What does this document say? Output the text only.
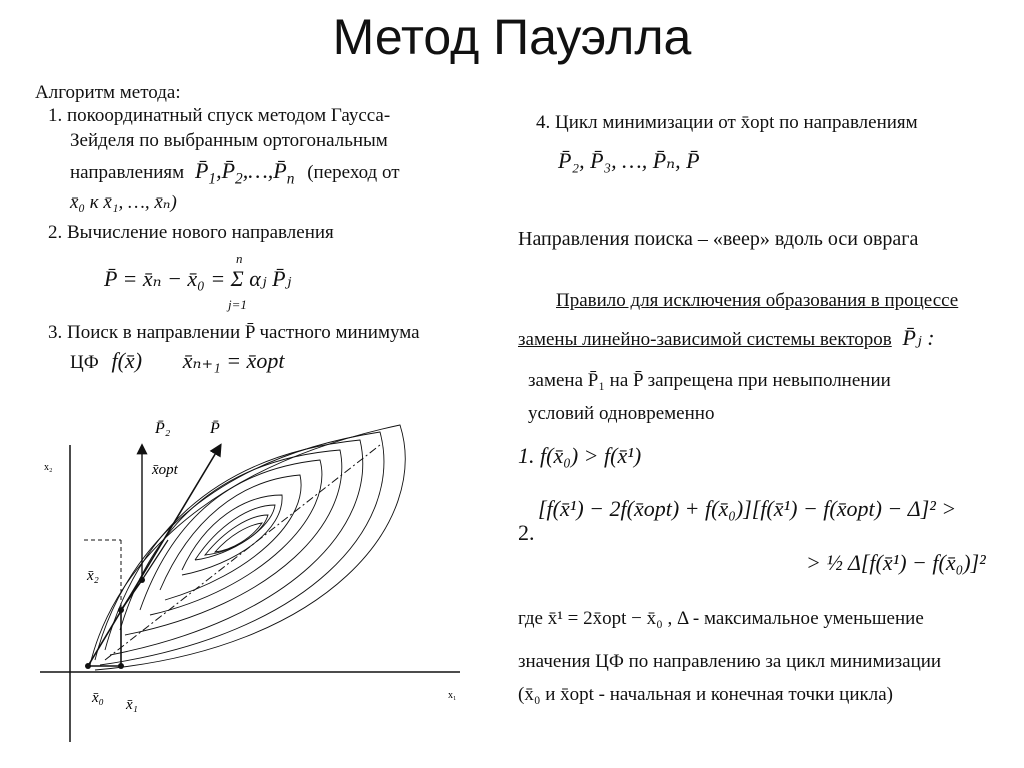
Метод Пауэлла
Алгоритм метода:
1. покоординатный спуск методом Гаусса-
Зейделя по выбранным ортогональным
направлениям $P̄_1,P̄_2,\dots,P̄_n$ (переход от
x̄₀ к x̄₁, …, x̄ₙ)
2. Вычисление нового направления
P̄ = x̄ₙ − x̄₀ = Σ αⱼ P̄ⱼ
n
j=1
3. Поиск в направлении P̄ частного минимума
ЦФ f(x̄) x̄ₙ₊₁ = x̄opt
4. Цикл минимизации от x̄opt по направлениям
P̄₂, P̄₃, …, P̄ₙ, P̄
Направления поиска – «веер» вдоль оси оврага
Правило для исключения образования в процессе
замены линейно-зависимой системы векторов P̄ⱼ :
замена P̄₁ на P̄ запрещена при невыполнении
условий одновременно
1. f(x̄₀) > f(x̄¹)
2.
[f(x̄¹) − 2f(x̄opt) + f(x̄₀)][f(x̄¹) − f(x̄opt) − Δ]² >
> ½ Δ[f(x̄¹) − f(x̄₀)]²
где x̄¹ = 2x̄opt − x̄₀ , Δ - максимальное уменьшение
значения ЦФ по направлению за цикл минимизации
(x̄₀ и x̄opt - начальная и конечная точки цикла)
x₂
x₁
P̄₂ P̄
x̄opt
x̄₂
x̄₀ x̄₁
